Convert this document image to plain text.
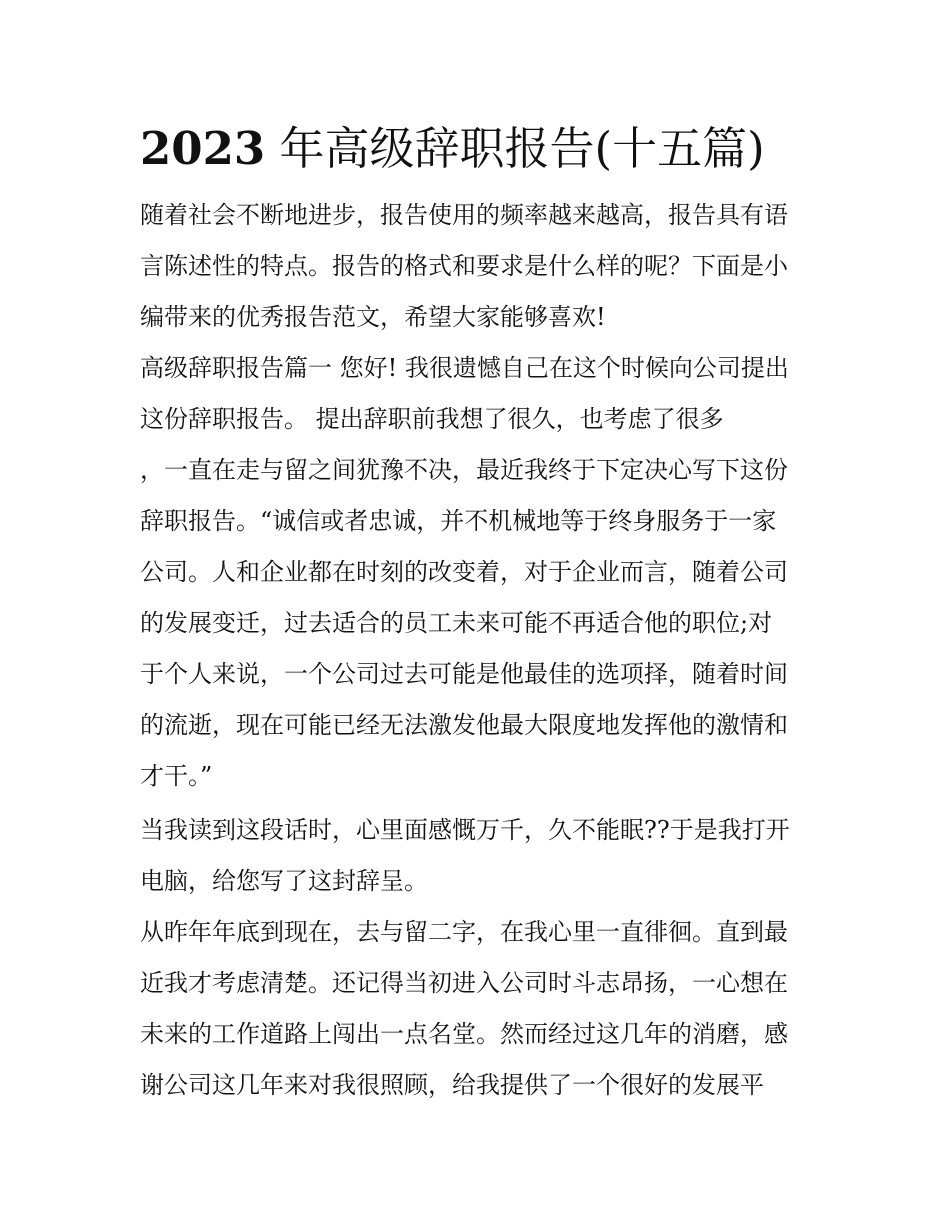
2023 年高级辞职报告(十五篇)

随着社会不断地进步，报告使用的频率越来越高，报告具有语

言陈述性的特点。报告的格式和要求是什么样的呢？下面是小

编带来的优秀报告范文，希望大家能够喜欢!

高级辞职报告篇一 您好! 我很遗憾自己在这个时候向公司提出

这份辞职报告。 提出辞职前我想了很久，也考虑了很多

，一直在走与留之间犹豫不决，最近我终于下定决心写下这份

辞职报告。“诚信或者忠诚，并不机械地等于终身服务于一家

公司。人和企业都在时刻的改变着，对于企业而言，随着公司

的发展变迁，过去适合的员工未来可能不再适合他的职位;对

于个人来说，一个公司过去可能是他最佳的选项择，随着时间

的流逝，现在可能已经无法激发他最大限度地发挥他的激情和

才干。”

当我读到这段话时，心里面感慨万千，久不能眠??于是我打开

电脑，给您写了这封辞呈。

从昨年年底到现在，去与留二字，在我心里一直徘徊。直到最

近我才考虑清楚。还记得当初进入公司时斗志昂扬，一心想在

未来的工作道路上闯出一点名堂。然而经过这几年的消磨，感

谢公司这几年来对我很照顾，给我提供了一个很好的发展平
